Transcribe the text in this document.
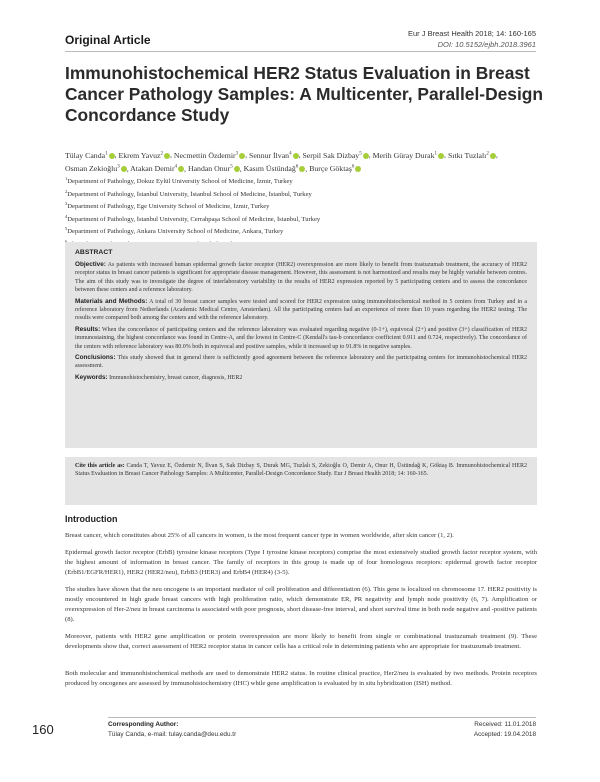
Original Article	Eur J Breast Health 2018; 14: 160-165
DOI: 10.5152/ejbh.2018.3961
Immunohistochemical HER2 Status Evaluation in Breast Cancer Pathology Samples: A Multicenter, Parallel-Design Concordance Study
Tülay Canda$^1$ , Ekrem Yavuz$^2$ , Necmettin Özdemir$^3$ , Sennur İlvan$^4$ , Serpil Sak Dizbay$^5$ , Merih Güray Durak$^1$ , Sıtkı Tuzlalı$^2$ , Osman Zekioğlu$^3$ , Atakan Demir$^4$ , Handan Onur$^5$ , Kasım Üstündağ$^6$ , Burçe Göktaş$^6$
$^1$Department of Pathology, Dokuz Eylül University School of Medicine, İzmir, Turkey
$^2$Department of Pathology, İstanbul University, İstanbul School of Medicine, İstanbul, Turkey
$^3$Department of Pathology, Ege University School of Medicine, İzmir, Turkey
$^4$Department of Pathology, İstanbul University, Cerrahpaşa School of Medicine, İstanbul, Turkey
$^5$Department of Pathology, Ankara University School of Medicine, Ankara, Turkey
ABSTRACT

Objective: As patients with increased human epidermal growth factor receptor (HER2) overexpression are more likely to benefit from trastuzumab treatment, the accuracy of HER2 receptor status in breast cancer patients is significant for appropriate disease management. However, this assessment is not harmonized and results may be highly variable between centres. The aim of this study was to investigate the degree of interlaboratory variability in the results of HER2 expression reported by 5 participating centers and to assess the concordance between these centers and a reference laboratory.

Materials and Methods: A total of 30 breast cancer samples were tested and scored for HER2 expression using immunohistochemical method in 5 centers from Turkey and in a reference laboratory from Netherlands (Academic Medical Centre, Amsterdam). All the participating centers had an experience of more than 10 years regarding the HER2 testing. The results were compared both among the centers and with the reference laboratory.

Results: When the concordance of participating centers and the reference laboratory was evaluated regarding negative (0-1+), equivocal (2+) and positive (3+) classification of HER2 immunostaining, the highest concordance was found in Centre-A, and the lowest in Centre-C (Kendall's tau-b concordance coefficient 0.911 and 0.724, respectively). The concordance of the centers with reference laboratory was 80.0% both in equivocal and positive samples, while it increased up to 91.8% in negative samples.

Conclusions: This study showed that in general there is sufficiently good agreement between the reference laboratory and the participating centers for immunohistochemical HER2 assessment.

Keywords: Immunohistochemistry, breast cancer, diagnosis, HER2

Cite this article as: Canda T, Yavuz E, Özdemir N, İlvan S, Sak Dizbay S, Durak MG, Tuzlalı S, Zekioğlu O, Demir A, Onur H, Üstündağ K, Göktaş B. Immunohistochemical HER2 Status Evaluation in Breast Cancer Pathology Samples: A Multicenter, Parallel-Design Concordance Study. Eur J Breast Health 2018; 14: 160-165.
Introduction

Breast cancer, which constitutes about 25% of all cancers in women, is the most frequent cancer type in women worldwide, after skin cancer (1, 2).

Epidermal growth factor receptor (ErbB) tyrosine kinase receptors (Type I tyrosine kinase receptors) comprise the most extensively studied growth factor receptor system, with the highest amount of information in breast cancer. The family of receptors in this group is made up of four homologous receptors: epidermal growth factor receptor (ErbB1/EGFR/HER1), HER2 (HER2/neu), ErbB3 (HER3) and ErbB4 (HER4) (3-5).

The studies have shown that the neu oncogene is an important mediator of cell proliferation and differentiation (6). This gene is localized on chromosome 17. HER2 positivity is mostly encountered in high grade breast cancers with high proliferation ratio, which demonstrate ER, PR negativity and lymph node positivity (6, 7). Amplification or overexpression of Her-2/neu in breast carcinoma is associated with poor prognosis, short disease-free interval, and short survival time in both node negative and -positive patients (8).

Moreover, patients with HER2 gene amplification or protein overexpression are more likely to benefit from single or combinational trastuzumab treatment (9). These developments show that, correct assessment of HER2 receptor status in cancer cells has a critical role in determining patients who are appropriate for trastuzumab treatment.

Both molecular and immunohistochemical methods are used to demonstrate HER2 status. In routine clinical practice, Her2/neu is evaluated by two methods. Protein receptors produced by oncogenes are assessed by immunohistochemistry (IHC) while gene amplification is evaluated by in situ hybridization (ISH) method.

160	Corresponding Author:
Tülay Canda, e-mail: tulay.canda@deu.edu.tr
Received: 11.01.2018
Accepted: 19.04.2018
